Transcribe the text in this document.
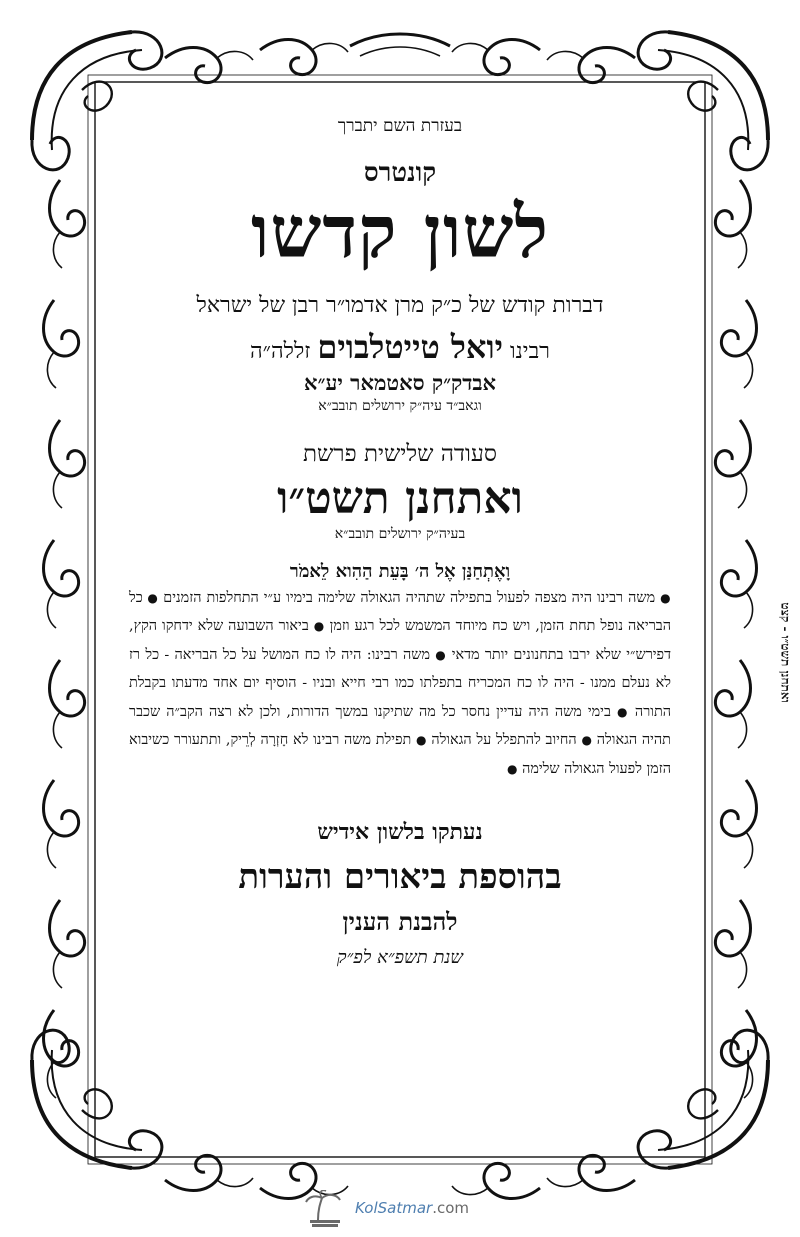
בעזרת השם יתברך
קונטרס
לשון קדשו
דברות קודש של כ״ק מרן אדמו״ר רבן של ישראל
רבינו יואל טייטלבוים זללה״ה
אבדק״ק סאטמאר יע״א
וגאב״ד עיה״ק ירושלים תובב״א
סעודה שלישית פרשת
ואתחנן תשט״ו
בעיה״ק ירושלים תובב״א
וָאֶתְחַנַּן אֶל ה׳ בָּעֵת הַהִוא לֵאמֹר
● משה רבינו היה מצפה לפעול בתפילה שתהיה הגאולה שלימה בימיו ע״י התחלפות הזמנים ● כל הבריאה נופל תחת הזמן, ויש כח מיוחד המשמש לכל רגע וזמן ● ביאור השבועה שלא ידחקו הקץ, דפירש״י שלא ירבו בתחנונים יותר מדאי ● משה רבינו: היה לו כח המושל על כל הבריאה - כל רז לא נעלם ממנו - היה לו כח המכריח בתפלתו כמו רבי חייא ובניו - הוסיף יום אחד מדעתו בקבלת התורה ● בימי משה היה עדיין נחסר כל מה שתיקנו במשך הדורות, ולכן לא רצה הקב״ה שכבר תהיה הגאולה ● החיוב להתפלל על הגאולה ● תפילת משה רבינו לא חָזְרָה לְרֵיק, ותתעורר כשיבוא הזמן לפעול הגאולה שלימה ●
נעתקו בלשון אידיש
בהוספת ביאורים והערות
להבנת הענין
שנת תשפ״א לפ״ק
ואתחנן תשט״ו - קצט
KolSatmar.com
